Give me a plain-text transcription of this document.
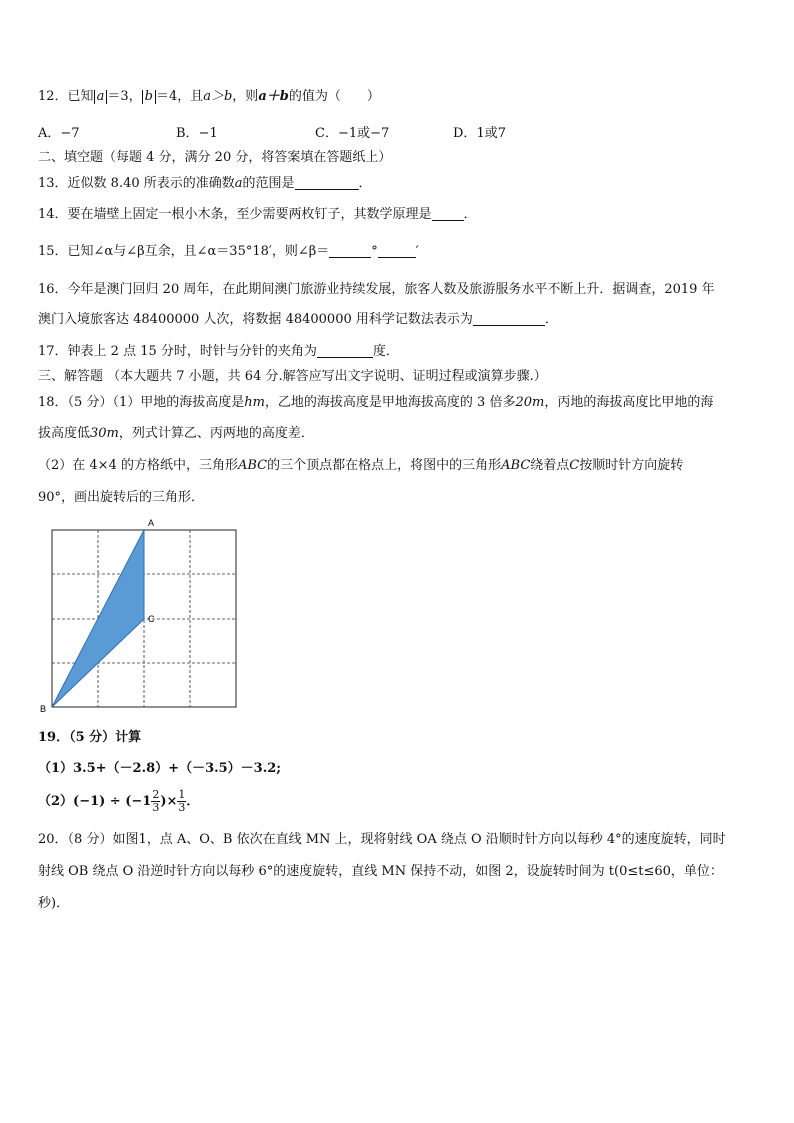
12．已知 a ＝3， b ＝4，且a＞b，则a＋b的值为（　　）
A．−7	B．−1	C．−1或−7	D．1或7
二、填空题（每题 4 分，满分 20 分，将答案填在答题纸上）
13．近似数 8.40 所表示的准确数a的范围是	．
14．要在墙壁上固定一根小木条，至少需要两枚钉子，其数学原理是 ．
15．已知∠α与∠β互余，且∠α＝35°18′，则∠β＝	°	′
16．今年是澳门回归 20 周年，在此期间澳门旅游业持续发展，旅客人数及旅游服务水平不断上升．据调查，2019 年
澳门入境旅客达 48400000 人次，将数据 48400000 用科学记数法表示为	．
17．钟表上 2 点 15 分时，时针与分针的夹角为	度．
三、解答题 （本大题共 7 小题，共 64 分.解答应写出文字说明、证明过程或演算步骤.）
18．（5 分）（1）甲地的海拔高度是hm，乙地的海拔高度是甲地海拔高度的 3 倍多20m，丙地的海拔高度比甲地的海
拔高度低30m，列式计算乙、丙两地的高度差．
（2）在 4×4 的方格纸中，三角形ABC的三个顶点都在格点上，将图中的三角形ABC绕着点C按顺时针方向旋转
90°，画出旋转后的三角形．
A
B
C
19．（5 分）计算
（1）3.5+（－2.8）+（－3.5）－3.2;
$(2)(-1) \div (-1 \frac{2}{3}$ )× $\frac{1}{3}$ ．
20．（8 分）如图1，点 A、O、B 依次在直线 MN 上，现将射线 OA 绕点 O 沿顺时针方向以每秒 4°的速度旋转，同时
射线 OB 绕点 O 沿逆时针方向以每秒 6°的速度旋转，直线 MN 保持不动，如图 2，设旋转时间为 t(0≤t≤60，单位：
秒)．
